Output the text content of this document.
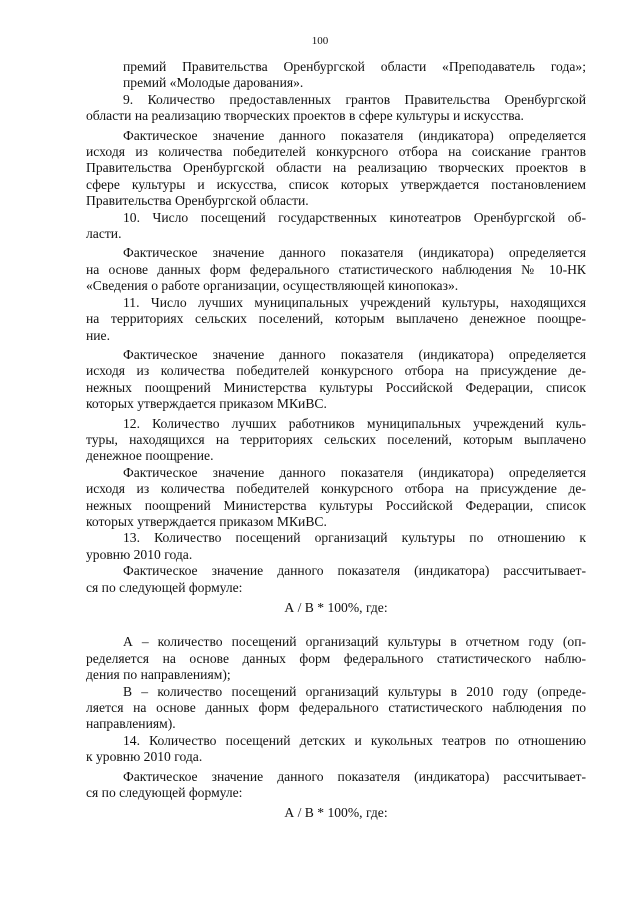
100
премий Правительства Оренбургской области «Преподаватель года»;
премий «Молодые дарования».
9. Количество предоставленных грантов Правительства Оренбургской
области на реализацию творческих проектов в сфере культуры и искусства.
Фактическое значение данного показателя (индикатора) определяется
исходя из количества победителей конкурсного отбора на соискание грантов
Правительства Оренбургской области на реализацию творческих проектов в
сфере культуры и искусства, список которых утверждается постановлением
Правительства Оренбургской области.
10. Число посещений государственных кинотеатров Оренбургской об-
ласти.
Фактическое значение данного показателя (индикатора) определяется
на основе данных форм федерального статистического наблюдения № 10-НК
«Сведения о работе организации, осуществляющей кинопоказ».
11. Число лучших муниципальных учреждений культуры, находящихся
на территориях сельских поселений, которым выплачено денежное поощре-
ние.
Фактическое значение данного показателя (индикатора) определяется
исходя из количества победителей конкурсного отбора на присуждение де-
нежных поощрений Министерства культуры Российской Федерации, список
которых утверждается приказом МКиВС.
12. Количество лучших работников муниципальных учреждений куль-
туры, находящихся на территориях сельских поселений, которым выплачено
денежное поощрение.
Фактическое значение данного показателя (индикатора) определяется
исходя из количества победителей конкурсного отбора на присуждение де-
нежных поощрений Министерства культуры Российской Федерации, список
которых утверждается приказом МКиВС.
13. Количество посещений организаций культуры по отношению к
уровню 2010 года.
Фактическое значение данного показателя (индикатора) рассчитывает-
ся по следующей формуле:
А / В * 100%, где:
А – количество посещений организаций культуры в отчетном году (оп-
ределяется на основе данных форм федерального статистического наблю-
дения по направлениям);
В – количество посещений организаций культуры в 2010 году (опреде-
ляется на основе данных форм федерального статистического наблюдения по
направлениям).
14. Количество посещений детских и кукольных театров по отношению
к уровню 2010 года.
Фактическое значение данного показателя (индикатора) рассчитывает-
ся по следующей формуле:
А / В * 100%, где:
